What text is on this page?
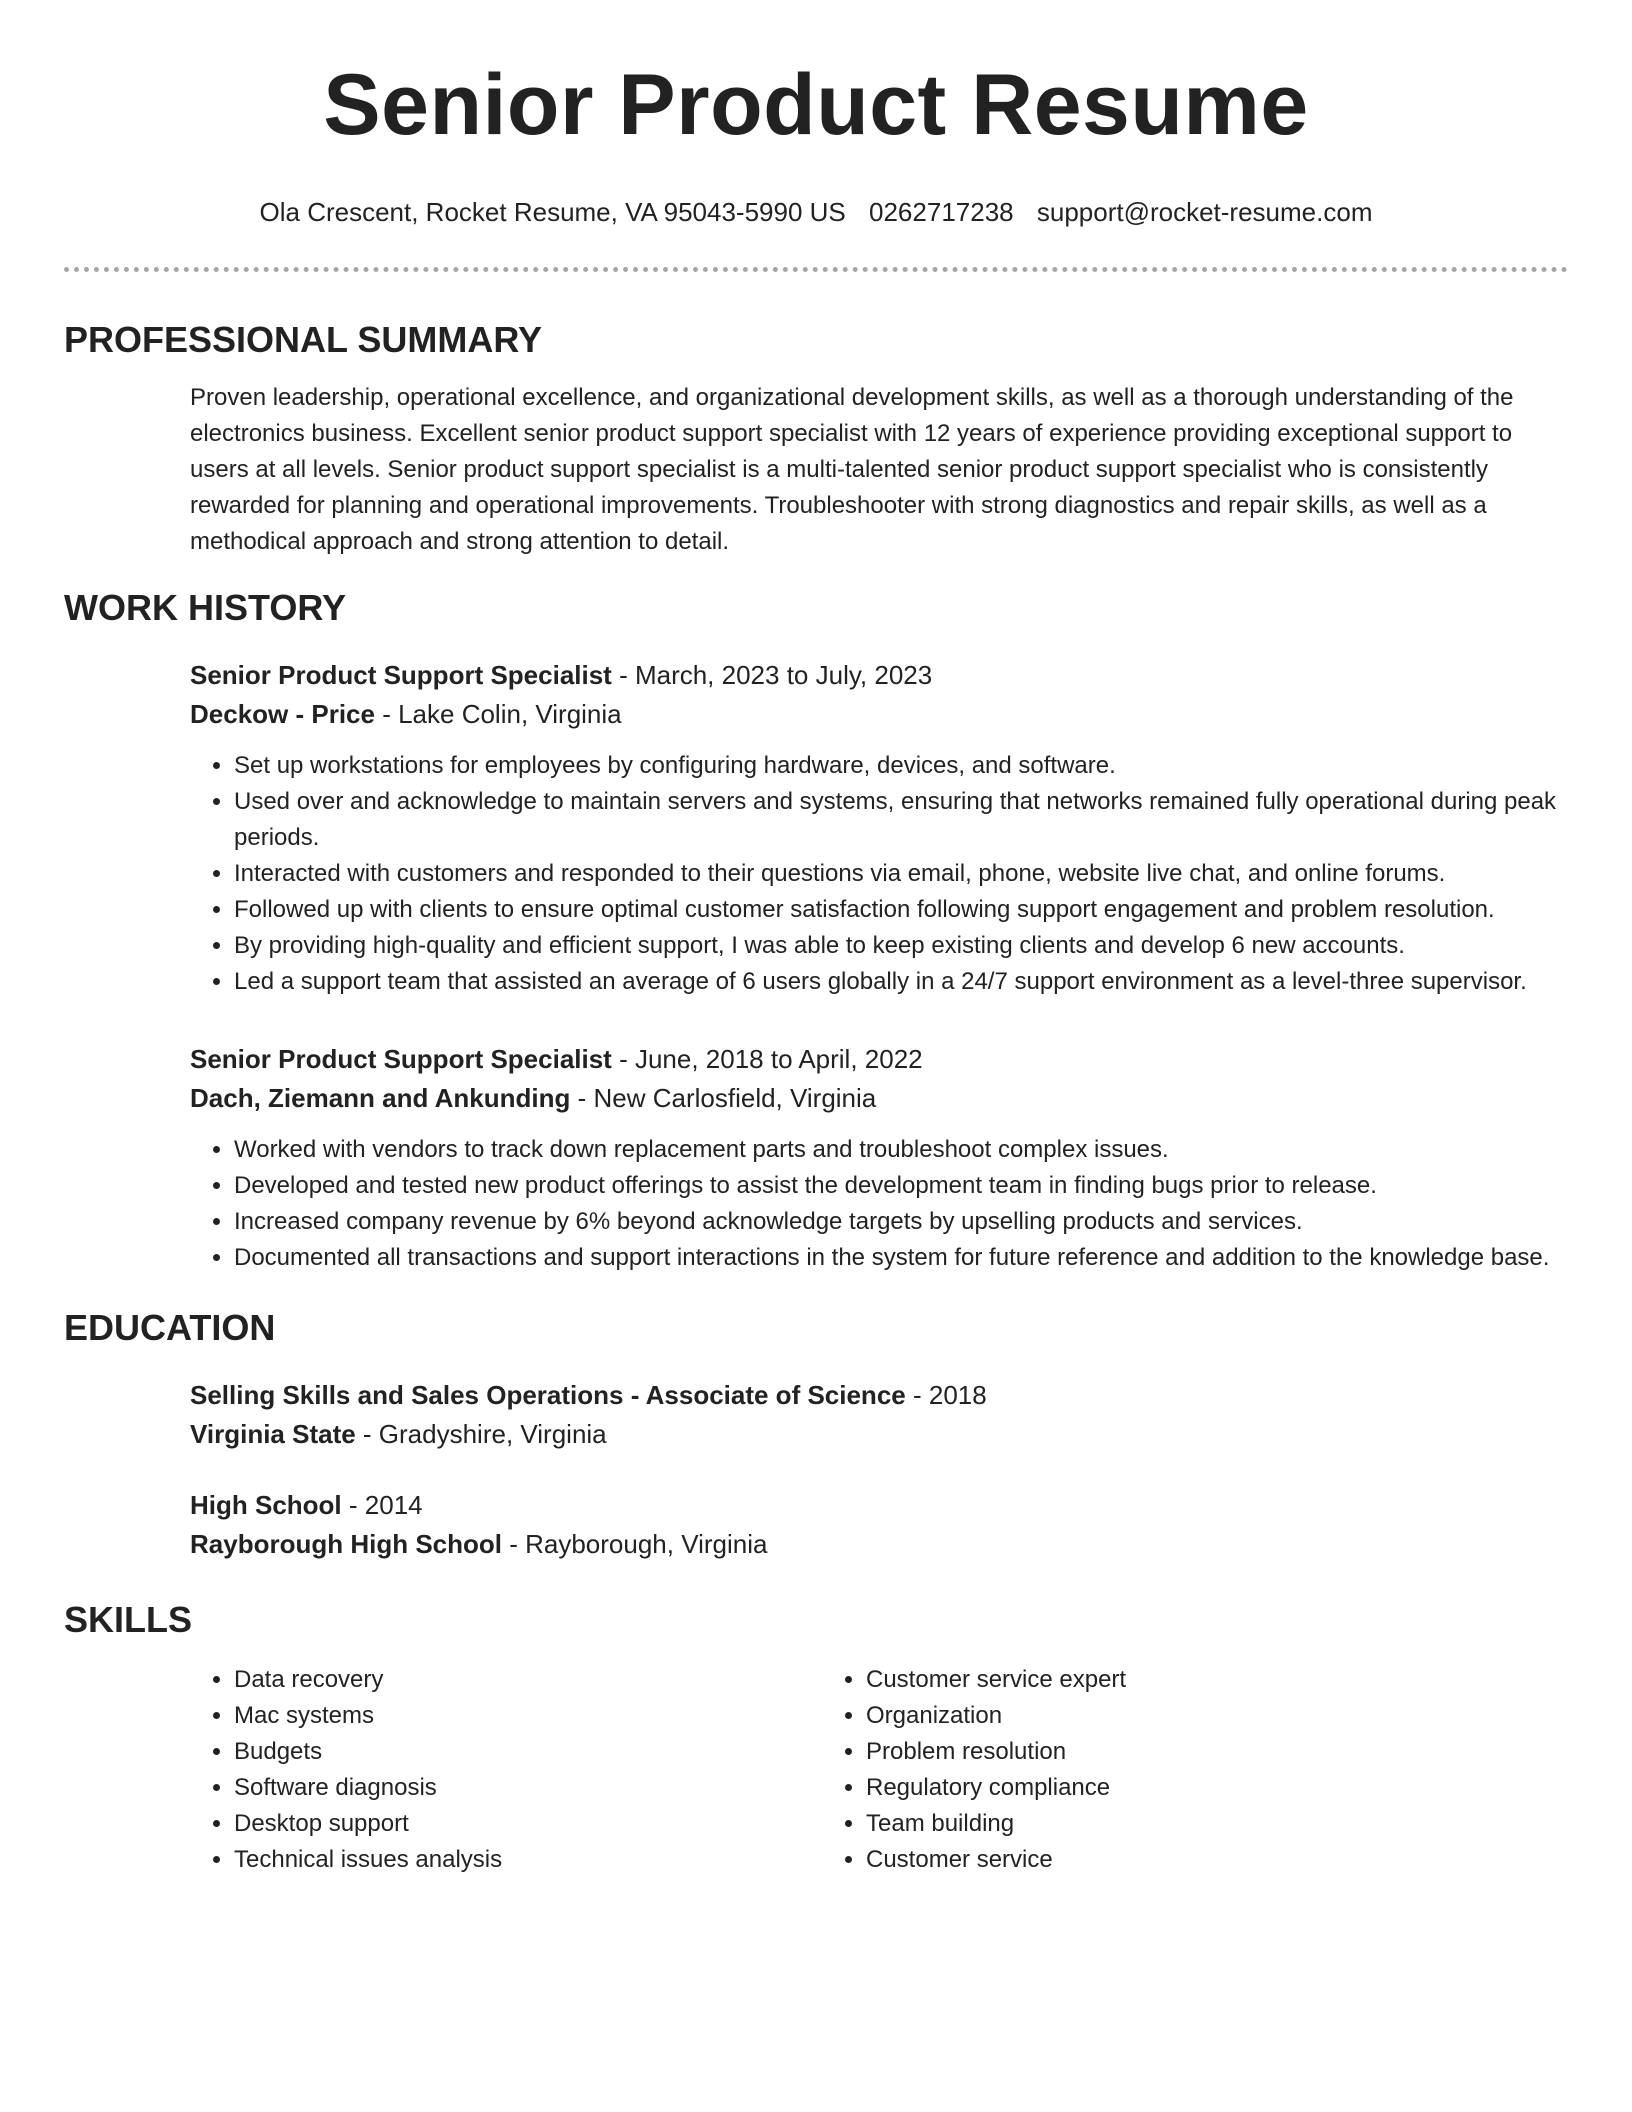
Senior Product Resume
Ola Crescent, Rocket Resume, VA 95043-5990 US 0262717238 support@rocket-resume.com
PROFESSIONAL SUMMARY
Proven leadership, operational excellence, and organizational development skills, as well as a thorough understanding of the electronics business. Excellent senior product support specialist with 12 years of experience providing exceptional support to users at all levels. Senior product support specialist is a multi-talented senior product support specialist who is consistently rewarded for planning and operational improvements. Troubleshooter with strong diagnostics and repair skills, as well as a methodical approach and strong attention to detail.
WORK HISTORY
Senior Product Support Specialist - March, 2023 to July, 2023
Deckow - Price - Lake Colin, Virginia
• Set up workstations for employees by configuring hardware, devices, and software.
• Used over and acknowledge to maintain servers and systems, ensuring that networks remained fully operational during peak periods.
• Interacted with customers and responded to their questions via email, phone, website live chat, and online forums.
• Followed up with clients to ensure optimal customer satisfaction following support engagement and problem resolution.
• By providing high-quality and efficient support, I was able to keep existing clients and develop 6 new accounts.
• Led a support team that assisted an average of 6 users globally in a 24/7 support environment as a level-three supervisor.
Senior Product Support Specialist - June, 2018 to April, 2022
Dach, Ziemann and Ankunding - New Carlosfield, Virginia
• Worked with vendors to track down replacement parts and troubleshoot complex issues.
• Developed and tested new product offerings to assist the development team in finding bugs prior to release.
• Increased company revenue by 6% beyond acknowledge targets by upselling products and services.
• Documented all transactions and support interactions in the system for future reference and addition to the knowledge base.
EDUCATION
Selling Skills and Sales Operations - Associate of Science - 2018
Virginia State - Gradyshire, Virginia
High School - 2014
Rayborough High School - Rayborough, Virginia
SKILLS
• Data recovery
• Mac systems
• Budgets
• Software diagnosis
• Desktop support
• Technical issues analysis
• Customer service expert
• Organization
• Problem resolution
• Regulatory compliance
• Team building
• Customer service
